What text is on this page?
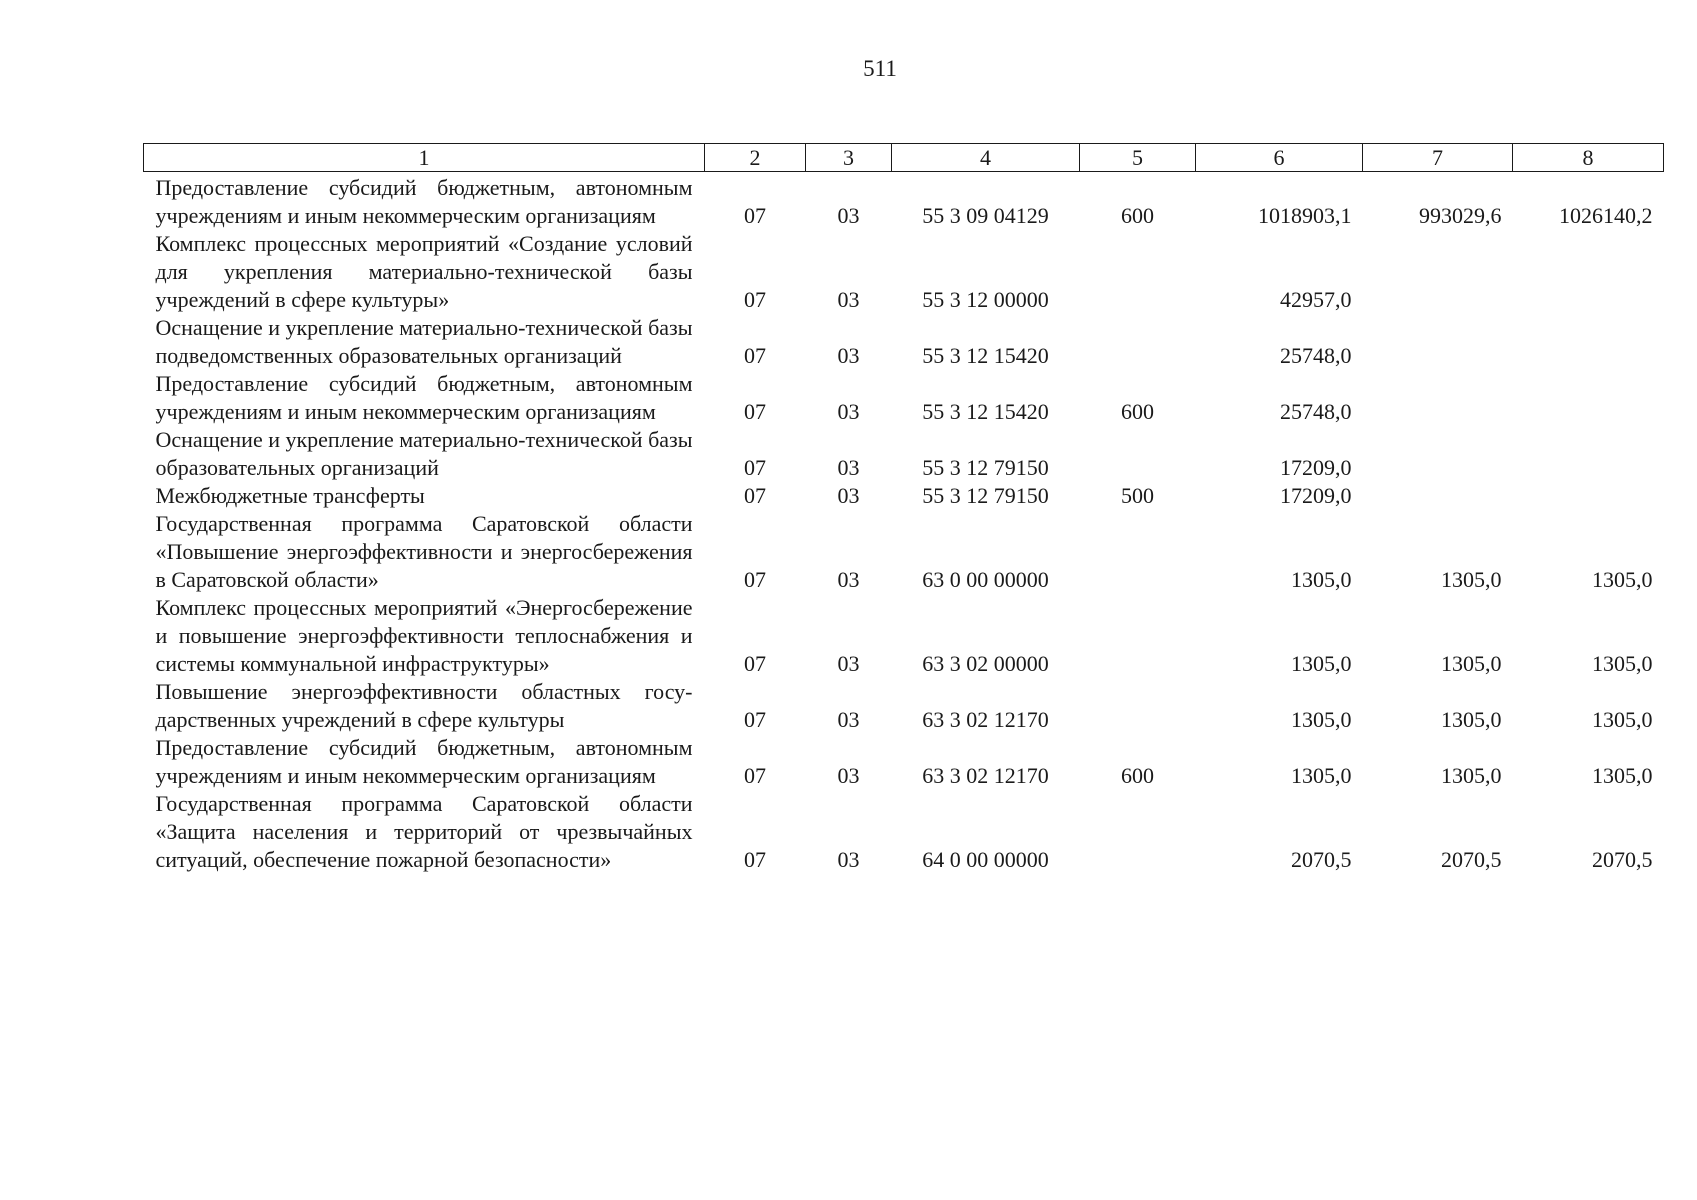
511
1	2	3	4	5	6	7	8
Предоставление субсидий бюджетным, автономным учреждениям и иным некоммерческим организациям	07	03	55 3 09 04129	600	1018903,1	993029,6	1026140,2
Комплекс процессных мероприятий «Создание условий для укрепления материально-технической базы учреждений в сфере культуры»	07	03	55 3 12 00000		42957,0		
Оснащение и укрепление материально-технической базы подведомственных образовательных организаций	07	03	55 3 12 15420		25748,0		
Предоставление субсидий бюджетным, автономным учреждениям и иным некоммерческим организациям	07	03	55 3 12 15420	600	25748,0		
Оснащение и укрепление материально-технической базы образовательных организаций	07	03	55 3 12 79150		17209,0		
Межбюджетные трансферты	07	03	55 3 12 79150	500	17209,0		
Государственная программа Саратовской области «Повышение энергоэффективности и энергосбережения в Саратовской области»	07	03	63 0 00 00000		1305,0	1305,0	1305,0
Комплекс процессных мероприятий «Энергосбережение и повышение энергоэффективности теплоснабжения и системы коммунальной инфраструктуры»	07	03	63 3 02 00000		1305,0	1305,0	1305,0
Повышение энергоэффективности областных государственных учреждений в сфере культуры	07	03	63 3 02 12170		1305,0	1305,0	1305,0
Предоставление субсидий бюджетным, автономным учреждениям и иным некоммерческим организациям	07	03	63 3 02 12170	600	1305,0	1305,0	1305,0
Государственная программа Саратовской области «Защита населения и территорий от чрезвычайных ситуаций, обеспечение пожарной безопасности»	07	03	64 0 00 00000		2070,5	2070,5	2070,5
